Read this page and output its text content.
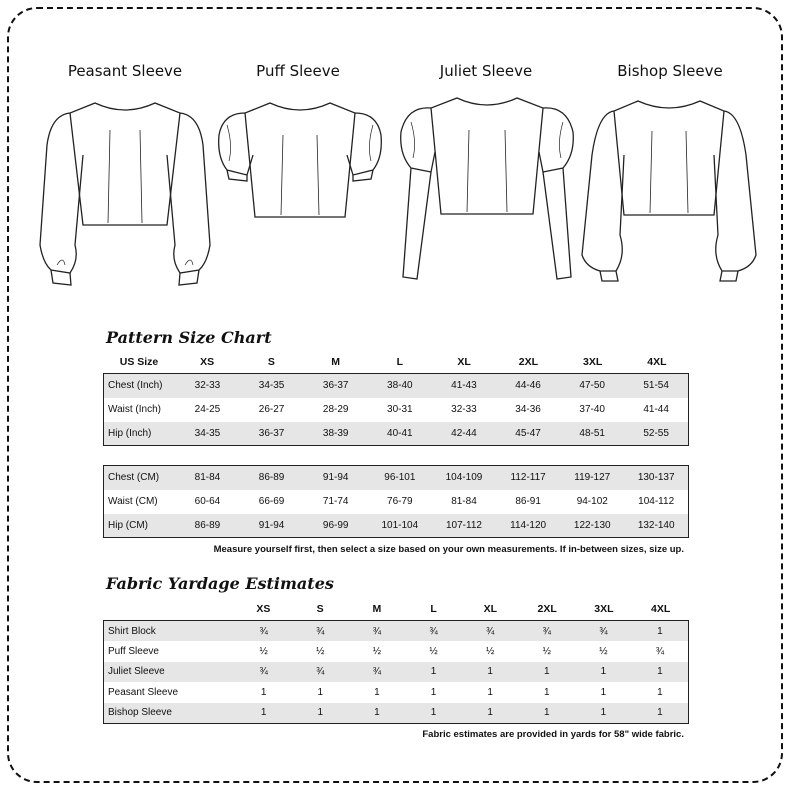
Peasant Sleeve	Puff Sleeve	Juliet Sleeve	Bishop Sleeve
Pattern Size Chart
US Size	XS	S	M	L	XL	2XL	3XL	4XL
Chest (Inch)	32-33	34-35	36-37	38-40	41-43	44-46	47-50	51-54
Waist (Inch)	24-25	26-27	28-29	30-31	32-33	34-36	37-40	41-44
Hip (Inch)	34-35	36-37	38-39	40-41	42-44	45-47	48-51	52-55
Chest (CM)	81-84	86-89	91-94	96-101	104-109	112-117	119-127	130-137
Waist (CM)	60-64	66-69	71-74	76-79	81-84	86-91	94-102	104-112
Hip (CM)	86-89	91-94	96-99	101-104	107-112	114-120	122-130	132-140
Measure yourself first, then select a size based on your own measurements. If in-between sizes, size up.
Fabric Yardage Estimates
	XS	S	M	L	XL	2XL	3XL	4XL
Shirt Block	¾	¾	¾	¾	¾	¾	¾	1
Puff Sleeve	½	½	½	½	½	½	½	¾
Juliet Sleeve	¾	¾	¾	1	1	1	1	1
Peasant Sleeve	1	1	1	1	1	1	1	1
Bishop Sleeve	1	1	1	1	1	1	1	1
Fabric estimates are provided in yards for 58" wide fabric.
